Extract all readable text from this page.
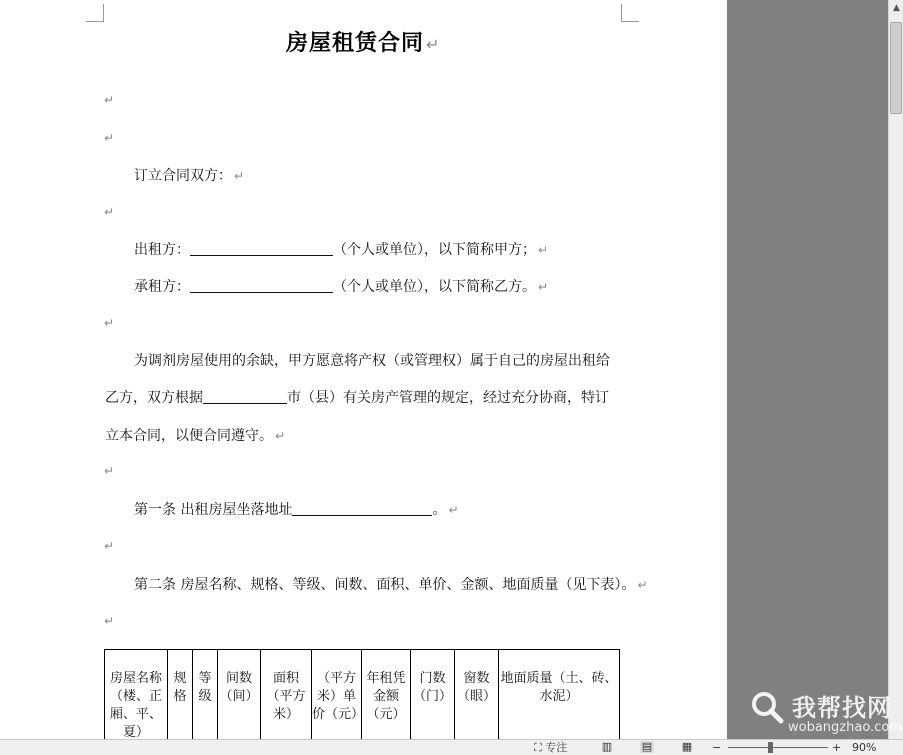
房屋租赁合同 ↵
↵
↵
订立合同双方： ↵
↵
出租方：	（个人或单位），以下简称甲方； ↵
承租方：	（个人或单位），以下简称乙方。 ↵
↵
为调剂房屋使用的余缺，甲方愿意将产权（或管理权）属于自己的房屋出租给
乙方，双方根据	市（县）有关房产管理的规定，经过充分协商，特订
立本合同，以便合同遵守。 ↵
↵
第一条 出租房屋坐落地址	。 ↵
↵
第二条 房屋名称、规格、等级、间数、面积、单价、金额、地面质量（见下表）。 ↵
↵
房屋名称（楼、正厢、平、夏）	规格	等级	间数（间）	面积（平方米）	（平方米）单价（元）	年租凭金额（元）	门数（门）	窗数（眼）	地面质量（土、砖、水泥）
▲
我帮找网
wobangzhao.com
⛶ 专注	▥	▤	▦ −	+ 90%
